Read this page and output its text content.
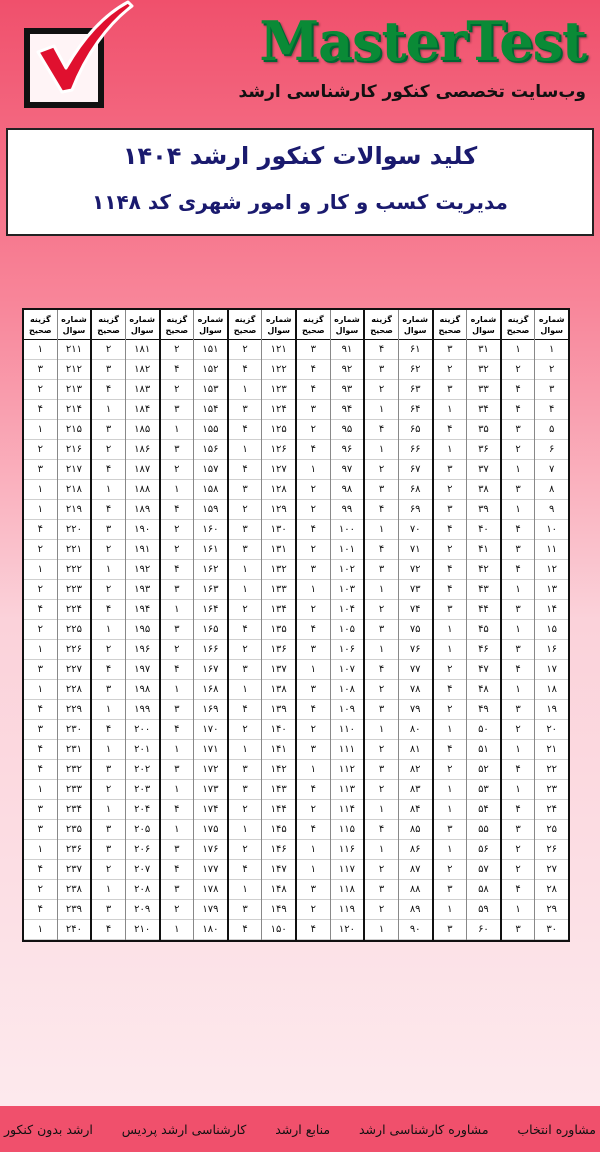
MasterTest
وب‌سایت تخصصی کنکور کارشناسی ارشد
کلید سوالات کنکور ارشد ۱۴۰۴
مدیریت کسب و کار و امور شهری کد ۱۱۴۸
شماره سوال
۱
۲
۳
۴
۵
۶
۷
۸
۹
۱۰
۱۱
۱۲
۱۳
۱۴
۱۵
۱۶
۱۷
۱۸
۱۹
۲۰
۲۱
۲۲
۲۳
۲۴
۲۵
۲۶
۲۷
۲۸
۲۹
۳۰
گزینه صحیح
۱
۲
۴
۴
۳
۲
۱
۳
۱
۴
۳
۴
۱
۳
۱
۳
۴
۱
۳
۲
۱
۴
۱
۴
۳
۲
۲
۴
۱
۳
شماره سوال
۳۱
۳۲
۳۳
۳۴
۳۵
۳۶
۳۷
۳۸
۳۹
۴۰
۴۱
۴۲
۴۳
۴۴
۴۵
۴۶
۴۷
۴۸
۴۹
۵۰
۵۱
۵۲
۵۳
۵۴
۵۵
۵۶
۵۷
۵۸
۵۹
۶۰
گزینه صحیح
۳
۲
۳
۱
۴
۱
۳
۲
۳
۴
۲
۴
۴
۳
۱
۱
۲
۴
۲
۱
۴
۲
۱
۱
۳
۱
۲
۳
۱
۳
شماره سوال
۶۱
۶۲
۶۳
۶۴
۶۵
۶۶
۶۷
۶۸
۶۹
۷۰
۷۱
۷۲
۷۳
۷۴
۷۵
۷۶
۷۷
۷۸
۷۹
۸۰
۸۱
۸۲
۸۳
۸۴
۸۵
۸۶
۸۷
۸۸
۸۹
۹۰
گزینه صحیح
۴
۳
۲
۱
۴
۱
۲
۳
۴
۱
۴
۳
۱
۲
۳
۱
۴
۲
۳
۱
۲
۳
۲
۱
۴
۱
۲
۳
۲
۱
شماره سوال
۹۱
۹۲
۹۳
۹۴
۹۵
۹۶
۹۷
۹۸
۹۹
۱۰۰
۱۰۱
۱۰۲
۱۰۳
۱۰۴
۱۰۵
۱۰۶
۱۰۷
۱۰۸
۱۰۹
۱۱۰
۱۱۱
۱۱۲
۱۱۳
۱۱۴
۱۱۵
۱۱۶
۱۱۷
۱۱۸
۱۱۹
۱۲۰
گزینه صحیح
۳
۴
۴
۳
۲
۴
۱
۲
۲
۴
۲
۳
۱
۲
۴
۳
۱
۳
۴
۲
۳
۱
۴
۲
۴
۱
۱
۳
۲
۴
شماره سوال
۱۲۱
۱۲۲
۱۲۳
۱۲۴
۱۲۵
۱۲۶
۱۲۷
۱۲۸
۱۲۹
۱۳۰
۱۳۱
۱۳۲
۱۳۳
۱۳۴
۱۳۵
۱۳۶
۱۳۷
۱۳۸
۱۳۹
۱۴۰
۱۴۱
۱۴۲
۱۴۳
۱۴۴
۱۴۵
۱۴۶
۱۴۷
۱۴۸
۱۴۹
۱۵۰
گزینه صحیح
۲
۴
۱
۳
۴
۱
۴
۳
۲
۳
۳
۱
۱
۲
۴
۲
۳
۱
۴
۲
۱
۳
۳
۲
۱
۲
۴
۱
۳
۴
شماره سوال
۱۵۱
۱۵۲
۱۵۳
۱۵۴
۱۵۵
۱۵۶
۱۵۷
۱۵۸
۱۵۹
۱۶۰
۱۶۱
۱۶۲
۱۶۳
۱۶۴
۱۶۵
۱۶۶
۱۶۷
۱۶۸
۱۶۹
۱۷۰
۱۷۱
۱۷۲
۱۷۳
۱۷۴
۱۷۵
۱۷۶
۱۷۷
۱۷۸
۱۷۹
۱۸۰
گزینه صحیح
۲
۴
۲
۳
۱
۳
۲
۱
۴
۲
۲
۴
۳
۱
۳
۲
۴
۱
۳
۴
۱
۳
۱
۴
۱
۳
۴
۳
۲
۱
شماره سوال
۱۸۱
۱۸۲
۱۸۳
۱۸۴
۱۸۵
۱۸۶
۱۸۷
۱۸۸
۱۸۹
۱۹۰
۱۹۱
۱۹۲
۱۹۳
۱۹۴
۱۹۵
۱۹۶
۱۹۷
۱۹۸
۱۹۹
۲۰۰
۲۰۱
۲۰۲
۲۰۳
۲۰۴
۲۰۵
۲۰۶
۲۰۷
۲۰۸
۲۰۹
۲۱۰
گزینه صحیح
۲
۳
۴
۱
۳
۲
۴
۱
۴
۳
۲
۱
۲
۴
۱
۲
۴
۳
۱
۴
۱
۳
۲
۱
۳
۳
۲
۱
۳
۴
شماره سوال
۲۱۱
۲۱۲
۲۱۳
۲۱۴
۲۱۵
۲۱۶
۲۱۷
۲۱۸
۲۱۹
۲۲۰
۲۲۱
۲۲۲
۲۲۳
۲۲۴
۲۲۵
۲۲۶
۲۲۷
۲۲۸
۲۲۹
۲۳۰
۲۳۱
۲۳۲
۲۳۳
۲۳۴
۲۳۵
۲۳۶
۲۳۷
۲۳۸
۲۳۹
۲۴۰
گزینه صحیح
۱
۳
۲
۴
۱
۲
۳
۱
۱
۴
۲
۱
۲
۴
۲
۱
۳
۱
۴
۳
۴
۴
۱
۳
۳
۱
۴
۲
۴
۱
ارشد بدون کنکور کارشناسی ارشد پردیس منابع ارشد مشاوره کارشناسی ارشد مشاوره انتخاب
